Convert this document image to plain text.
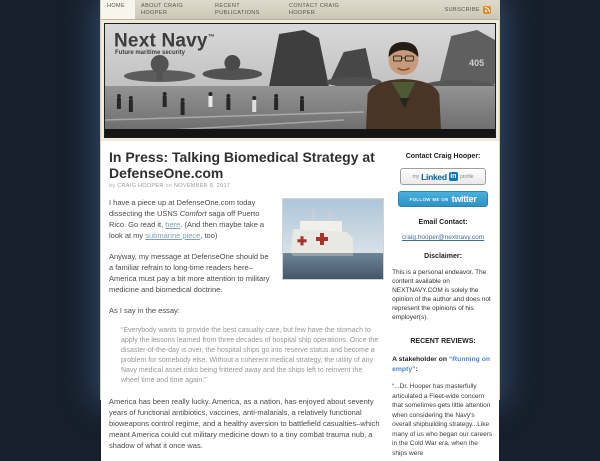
HOME	ABOUT CRAIG HOOPER
RECENT PUBLICATIONS
CONTACT CRAIG HOOPER	SUBSCRIBE
405
Next Navy™
Future maritime security
In Press: Talking Biomedical Strategy at DefenseOne.com
by CRAIG HOOPER on NOVEMBER 8, 2017

I have a piece up at DefenseOne.com today dissecting the USNS Comfort saga off Puerto Rico. Go read it, here. (And then maybe take a look at my submarine piece, too)

Anyway, my message at DefenseOne should be a familiar refrain to long-time readers here–America must pay a bit more attention to military medicine and biomedical doctrine.

As I say in the essay:

“Everybody wants to provide the best casualty care, but few have the stomach to apply the lessons learned from three decades of hospital ship operations. Once the disaster-of-the-day is over, the hospital ships go into reserve status and become a problem for somebody else. Without a coherent medical strategy, the utility of any Navy medical asset risks being frittered away and the ships left to reinvent the wheel time and time again.”

America has been really lucky. America, as a nation, has enjoyed about seventy years of functional antibiotics, vaccines, anti-malarials, a relatively functional bioweapons control regime, and a healthy aversion to battlefield casualties–which meant America could cut military medicine down to a tiny combat trauma nub, a shadow of what it once was.

Contact Craig Hooper:
my Linked in profile
FOLLOW ME ON twitter
Email Contact:
craig.hooper@nextnavy.com
Disclaimer:

This is a personal endeavor. The content available on NEXTNAVY.COM is solely the opinion of the author and does not represent the opinions of his employer(s).

RECENT REVIEWS:

A stakeholder on “Running on empty”:

“...Dr. Hooper has masterfully articulated a Fleet-wide concern that sometimes gets little attention when considering the Navy's overall shipbuilding strategy...Like many of us who began our careers in the Cold War era, when the ships were
